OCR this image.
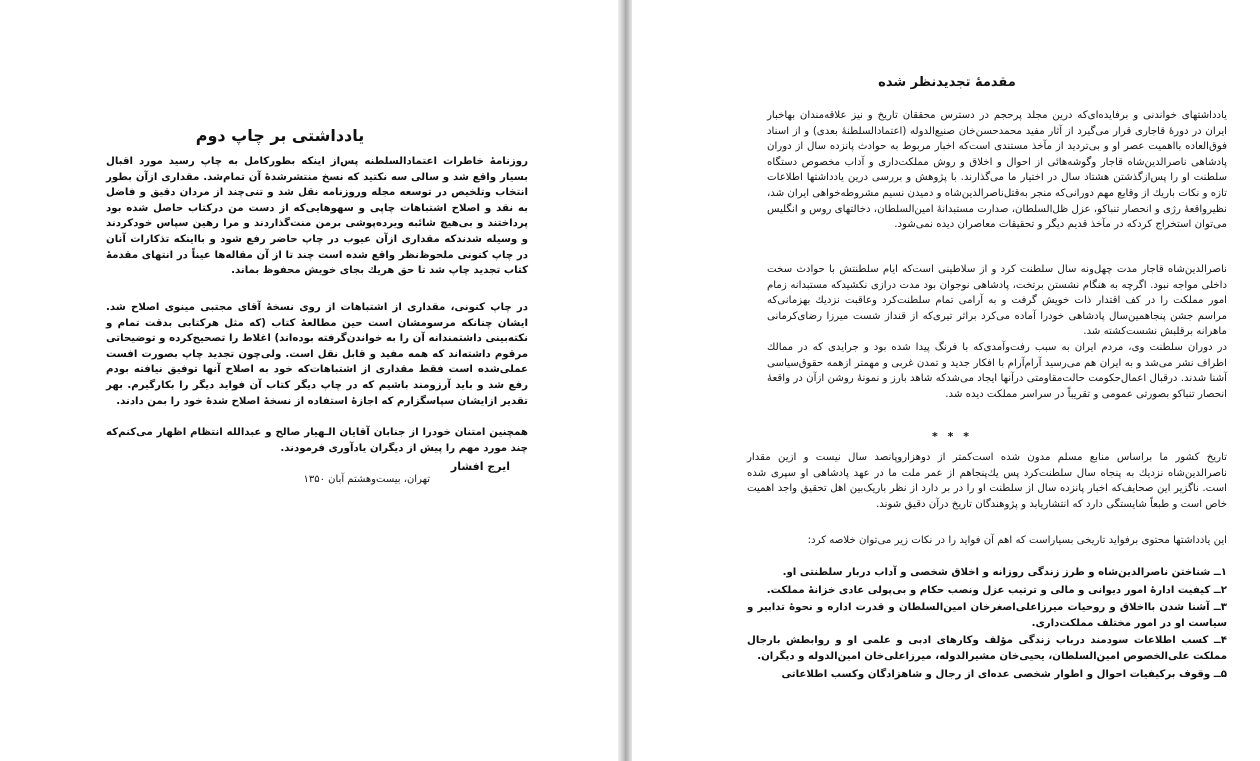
یادداشتی بر چاپ دوم

روزنامهٔ خاطرات اعتمادالسلطنه پس‌از اینکه بطورکامل به چاپ رسید مورد اقبال بسیار واقع شد و سالی سه نکتید که نسخ منتشرشدهٔ آن تمام‌شد. مقداری ازآن بطور انتخاب وتلخیص در توسعه مجله وروزنامه نقل شد و تنی‌چند از مردان دقیق و فاضل به نقد و اصلاح اشتباهات چاپی و سهوهایی‌که از دست من درکتاب حاصل شده بود پرداختند و بی‌هیچ شائبه ویرده‌پوشی برمن منت‌گذاردند و مرا رهین سپاس خودکردند و وسیله شدندکه مقداری ازآن عیوب در چاپ حاضر رفع شود و بااینکه تذکارات آنان در چاپ کنونی ملحوظ‌نظر واقع شده است چند تا از آن مقاله‌ها عیناً در انتهای مقدمهٔ کتاب تجدید چاپ شد تا حق هریك بجای خویش محفوظ بماند.

در چاپ کنونی، مقداری از اشتباهات از روی نسخهٔ آقای مجتبی مینوی اصلاح شد. ایشان چنانکه مرسومشان است حین مطالعهٔ کتاب (که مثل هرکتابی بدقت تمام و نکته‌بینی داشتمندانه آن را به خواندن‌گرفته بوده‌اند) اغلاط را تصحیح‌کرده و توضیحاتی مرقوم داشته‌اند که همه مفید و قابل نقل است. ولی‌چون تجدید چاپ بصورت افست عملی‌شده است فقط مقداری از اشتباهات‌که خود به اصلاح آنها توفیق نیافته بودم رفع شد و باید آرزومند باشیم که در چاپ دیگر کتاب آن فواید دیگر را بکارگیرم. بهر تقدیر ازایشان سپاسگزارم که اجازهٔ استفاده از نسخهٔ اصلاح شدهٔ خود را بمن دادند.

همچنین امتنان خودرا از جنابان آقایان الـهیار صالح و عبدالله انتظام اظهار می‌کنم‌که چند مورد مهم را پیش از دیگران یادآوری فرمودند.

ایرج افشار
تهران، بیست‌وهشتم آبان ۱۳۵۰
مقدمهٔ تجدیدنظر شده

یادداشتهای خواندنی و برفایده‌ای‌که درین مجلد پرحجم در دسترس محققان تاریخ و نیز علاقه‌مندان بهاخبار ایران در دورهٔ قاجاری قرار می‌گیرد از آثار مفید محمدحسن‌خان صنیع‌الدوله (اعتمادالسلطنهٔ بعدی) و از اسناد فوق‌العاده بااهمیت عصر او و بی‌تردید از مآخذ مستندی است‌که اخبار مربوط به حوادث پانزده سال از دوران پادشاهی ناصرالدین‌شاه قاجار وگوشه‌هائی از احوال و اخلاق و روش مملکت‌داری و آداب مخصوص دستگاه سلطنت او را پس‌ازگذشتن هشتاد سال در اختیار ما می‌گذارند. با پژوهش و بررسی درین یادداشتها اطلاعات تازه و نکات باریك از وقایع مهم دورانی‌که منجر به‌قتل‌ناصرالدین‌شاه و دمیدن نسیم مشروطه‌خواهی ایران شد، نظیرواقعهٔ رژی و انحصار تنباکو، عزل ظل‌السلطان، صدارت مستبدانهٔ امین‌السلطان، دخالتهای روس و انگلیس می‌توان استخراج کردکه در مآخذ قدیم دیگر و تحقیقات معاصران دیده نمی‌شود.

ناصرالدین‌شاه قاجار مدت چهل‌ونه سال سلطنت کرد و از سلاطینی است‌که ایام سلطنتش با حوادث سخت داخلی مواجه نبود. اگرچه به هنگام نشستن برتخت، پادشاهی نوجوان بود مدت درازی نکشید‌که مستبدانه زمام امور مملکت را در کف اقتدار ذات خویش گرفت و به آرامی تمام سلطنت‌کرد وعاقبت نزدیك بهزمانی‌که مراسم جشن پنجاهمین‌سال پادشاهی خودرا آماده می‌کرد براثر تیری‌که از قنداز شست میرزا رضای‌کرمانی ماهرانه برقلبش نشست‌کشته شد.

در دوران سلطنت وی، مردم ایران به سبب رفت‌وآمدی‌که با فرنگ پیدا شده بود و جرایدی که در ممالك اطراف نشر می‌شد و به ایران هم می‌رسید آرام‌آرام با افکار جدید و تمدن غربی و مهمتر ازهمه حقوق‌سیاسی آشنا شدند. درقبال اعمال‌حکومت حالت‌مقاومتی درآنها ایجاد می‌شد‌که شاهد بارز و نمونهٔ روشن ازآن در واقعهٔ انحصار تنباکو بصورتی عمومی و تقریباً در سراسر مملکت دیده شد.

* * *

تاریخ کشور ما براساس منابع مسلم مدون شده است‌کمتر از دوهزاروپانصد سال نیست و ازین مقدار ناصرالدین‌شاه نزدیك به پنجاه سال سلطنت‌کرد پس یك‌پنجاهم از عمر ملت ما در عهد پادشاهی او سپری شده است. ناگزیر این صحایف‌که اخبار پانزده سال از سلطنت او را در بر دارد از نظر باریک‌بین اهل تحقیق واجد اهمیت خاص است و طبعاً شایستگی دارد که انتشاریابد و پژوهندگان تاریخ درآن دقیق شوند.

این یادداشتها محتوی برفواید تاریخی بسیاراست که اهم آن فواید را در نکات زیر می‌توان خلاصه کرد:

۱ــ شناختن ناصرالدین‌شاه و طرز زندگی روزانه و اخلاق شخصی و آداب دربار سلطنتی او.

۲ــ کیفیت ادارهٔ امور دیوانی و مالی و ترتیب عزل ونصب حکام و بی‌پولی عادی خزانهٔ مملکت.

۳ــ آشنا شدن بااخلاق و روحیات میرزاعلی‌اصغرخان امین‌السلطان و قدرت اداره و نحوهٔ تدابیر و سیاست او در امور مختلف مملکت‌داری.

۴ــ کسب اطلاعات سودمند درباب زندگی مؤلف وکارهای ادبی و علمی او و روابطش بارجال مملکت علی‌الخصوص امین‌السلطان، یحیی‌خان مشیرالدوله، میرزاعلی‌خان امین‌الدوله و دیگران.

۵ــ وقوف برکیفیات احوال و اطوار شخصی عده‌ای از رجال و شاهزادگان وکسب اطلاعاتی
